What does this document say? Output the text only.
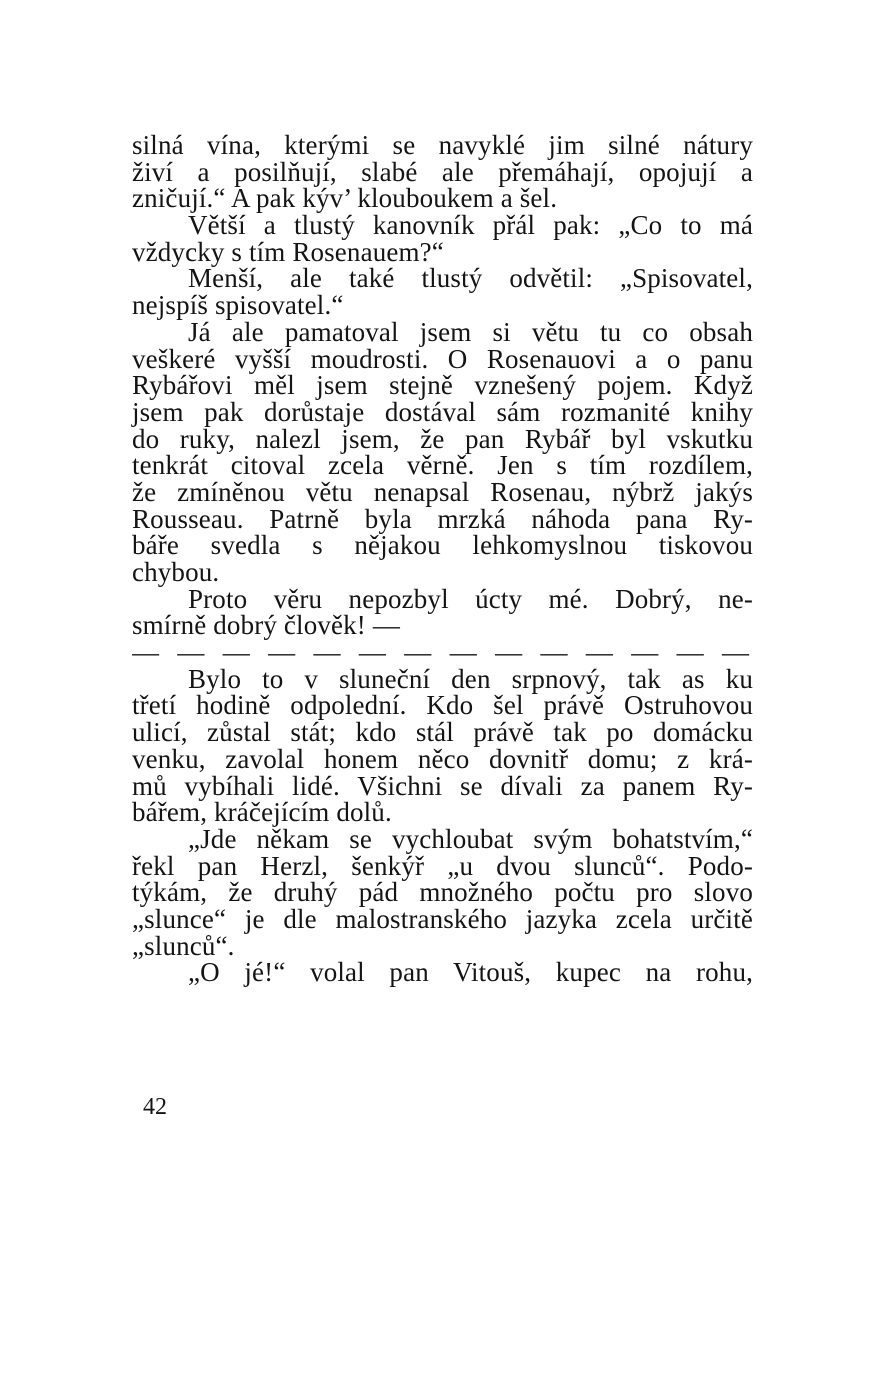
silná vína, kterými se navyklé jim silné nátury
živí a posilňují, slabé ale přemáhají, opojují a
zničují.“ A pak kýv’ klouboukem a šel.
Větší a tlustý kanovník přál pak: „Co to má
vždycky s tím Rosenauem?“
Menší, ale také tlustý odvětil: „Spisovatel,
nejspíš spisovatel.“
Já ale pamatoval jsem si větu tu co obsah
veškeré vyšší moudrosti. O Rosenauovi a o panu
Rybářovi měl jsem stejně vznešený pojem. Když
jsem pak dorůstaje dostával sám rozmanité knihy
do ruky, nalezl jsem, že pan Rybář byl vskutku
tenkrát citoval zcela věrně. Jen s tím rozdílem,
že zmíněnou větu nenapsal Rosenau, nýbrž jakýs
Rousseau. Patrně byla mrzká náhoda pana Ry-
báře svedla s nějakou lehkomyslnou tiskovou
chybou.
Proto věru nepozbyl úcty mé. Dobrý, ne-
smírně dobrý člověk! —
— — — — — — — — — — — — — —
Bylo to v sluneční den srpnový, tak as ku
třetí hodině odpolední. Kdo šel právě Ostruhovou
ulicí, zůstal stát; kdo stál právě tak po domácku
venku, zavolal honem něco dovnitř domu; z krá-
mů vybíhali lidé. Všichni se dívali za panem Ry-
bářem, kráčejícím dolů.
„Jde někam se vychloubat svým bohatstvím,“
řekl pan Herzl, šenkýř „u dvou slunců“. Podo-
týkám, že druhý pád množného počtu pro slovo
„slunce“ je dle malostranského jazyka zcela určitě
„slunců“.
„O jé!“ volal pan Vitouš, kupec na rohu,
42
